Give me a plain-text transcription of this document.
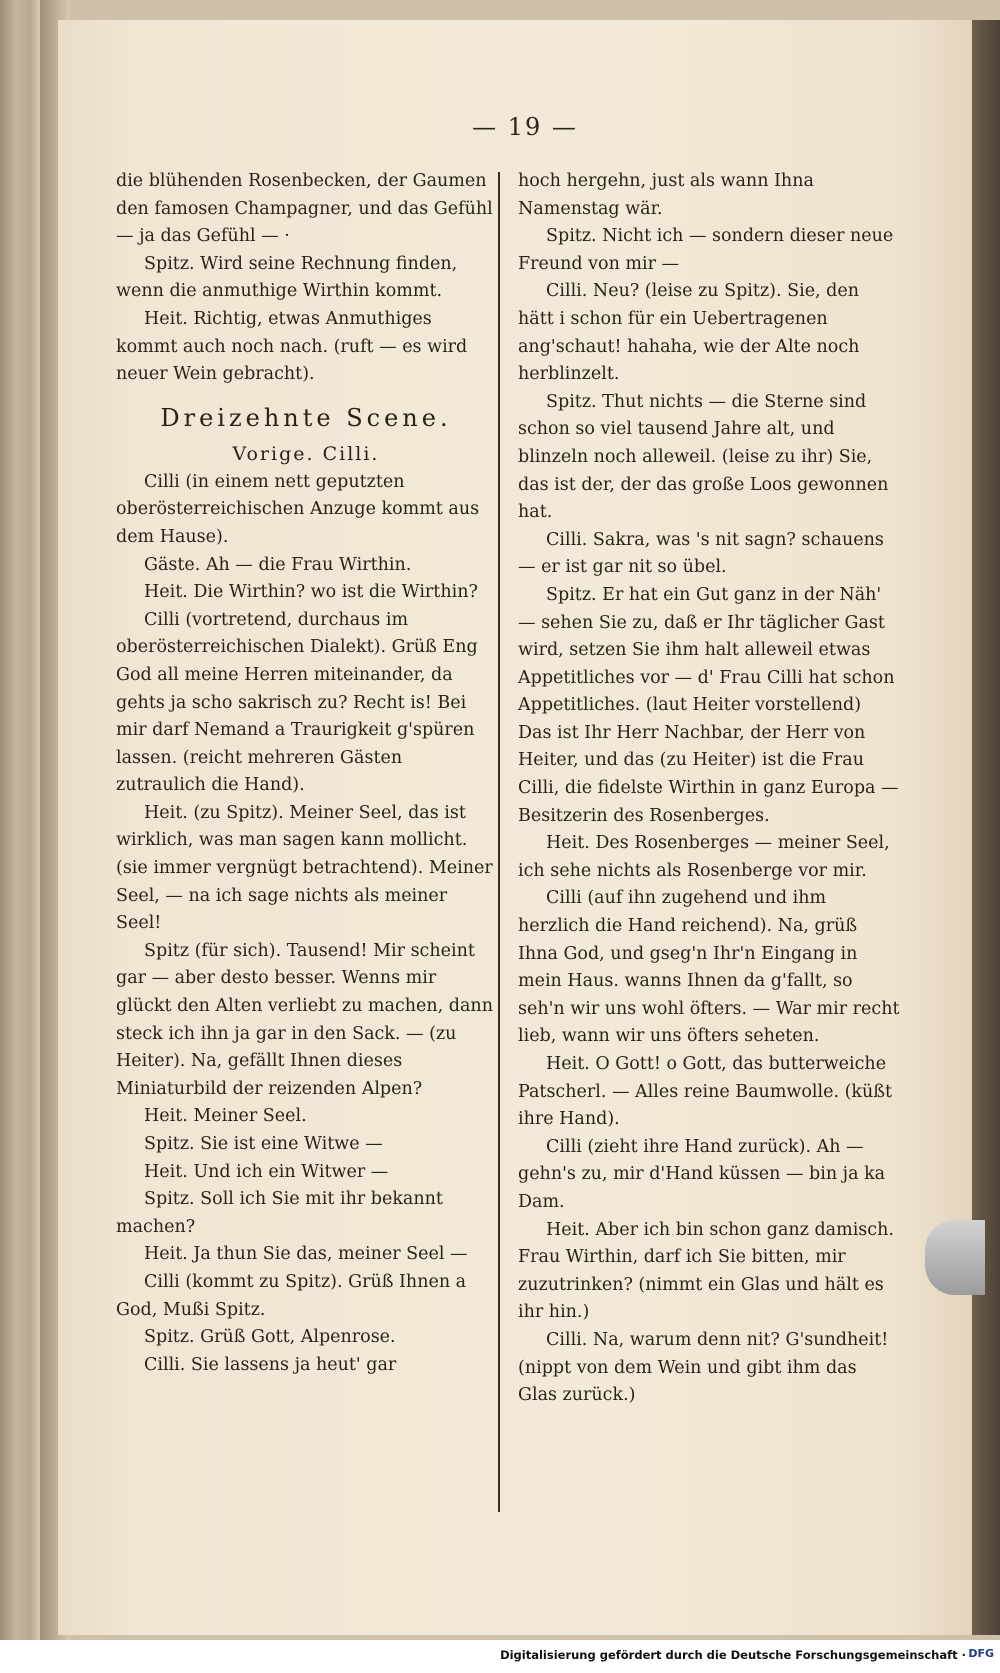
— 19 —

die blühenden Rosenbecken, der Gaumen den famosen Champagner, und das Gefühl — ja das Gefühl — ·

Spitz. Wird seine Rechnung finden, wenn die anmuthige Wirthin kommt.

Heit. Richtig, etwas Anmuthiges kommt auch noch nach. (ruft — es wird neuer Wein gebracht).

Dreizehnte Scene.

Vorige. Cilli.

Cilli (in einem nett geputzten oberösterreichischen Anzuge kommt aus dem Hause).

Gäste. Ah — die Frau Wirthin.

Heit. Die Wirthin? wo ist die Wirthin?

Cilli (vortretend, durchaus im oberösterreichischen Dialekt). Grüß Eng God all meine Herren miteinander, da gehts ja scho sakrisch zu? Recht is! Bei mir darf Nemand a Traurigkeit g'spüren lassen. (reicht mehreren Gästen zutraulich die Hand).

Heit. (zu Spitz). Meiner Seel, das ist wirklich, was man sagen kann mollicht. (sie immer vergnügt betrachtend). Meiner Seel, — na ich sage nichts als meiner Seel!

Spitz (für sich). Tausend! Mir scheint gar — aber desto besser. Wenns mir glückt den Alten verliebt zu machen, dann steck ich ihn ja gar in den Sack. — (zu Heiter). Na, gefällt Ihnen dieses Miniaturbild der reizenden Alpen?

Heit. Meiner Seel.

Spitz. Sie ist eine Witwe —

Heit. Und ich ein Witwer —

Spitz. Soll ich Sie mit ihr bekannt machen?

Heit. Ja thun Sie das, meiner Seel —

Cilli (kommt zu Spitz). Grüß Ihnen a God, Mußi Spitz.

Spitz. Grüß Gott, Alpenrose.

Cilli. Sie lassens ja heut' gar

hoch hergehn, just als wann Ihna Namenstag wär.

Spitz. Nicht ich — sondern dieser neue Freund von mir —

Cilli. Neu? (leise zu Spitz). Sie, den hätt i schon für ein Uebertragenen ang'schaut! hahaha, wie der Alte noch herblinzelt.

Spitz. Thut nichts — die Sterne sind schon so viel tausend Jahre alt, und blinzeln noch alleweil. (leise zu ihr) Sie, das ist der, der das große Loos gewonnen hat.

Cilli. Sakra, was 's nit sagn? schauens — er ist gar nit so übel.

Spitz. Er hat ein Gut ganz in der Näh' — sehen Sie zu, daß er Ihr täglicher Gast wird, setzen Sie ihm halt alleweil etwas Appetitliches vor — d' Frau Cilli hat schon Appetitliches. (laut Heiter vorstellend) Das ist Ihr Herr Nachbar, der Herr von Heiter, und das (zu Heiter) ist die Frau Cilli, die fidelste Wirthin in ganz Europa — Besitzerin des Rosenberges.

Heit. Des Rosenberges — meiner Seel, ich sehe nichts als Rosenberge vor mir.

Cilli (auf ihn zugehend und ihm herzlich die Hand reichend). Na, grüß Ihna God, und gseg'n Ihr'n Eingang in mein Haus. wanns Ihnen da g'fallt, so seh'n wir uns wohl öfters. — War mir recht lieb, wann wir uns öfters seheten.

Heit. O Gott! o Gott, das butterweiche Patscherl. — Alles reine Baumwolle. (küßt ihre Hand).

Cilli (zieht ihre Hand zurück). Ah — gehn's zu, mir d'Hand küssen — bin ja ka Dam.

Heit. Aber ich bin schon ganz damisch. Frau Wirthin, darf ich Sie bitten, mir zuzutrinken? (nimmt ein Glas und hält es ihr hin.)

Cilli. Na, warum denn nit? G'sundheit! (nippt von dem Wein und gibt ihm das Glas zurück.)

Digitalisierung gefördert durch die Deutsche Forschungsgemeinschaft · DFG
